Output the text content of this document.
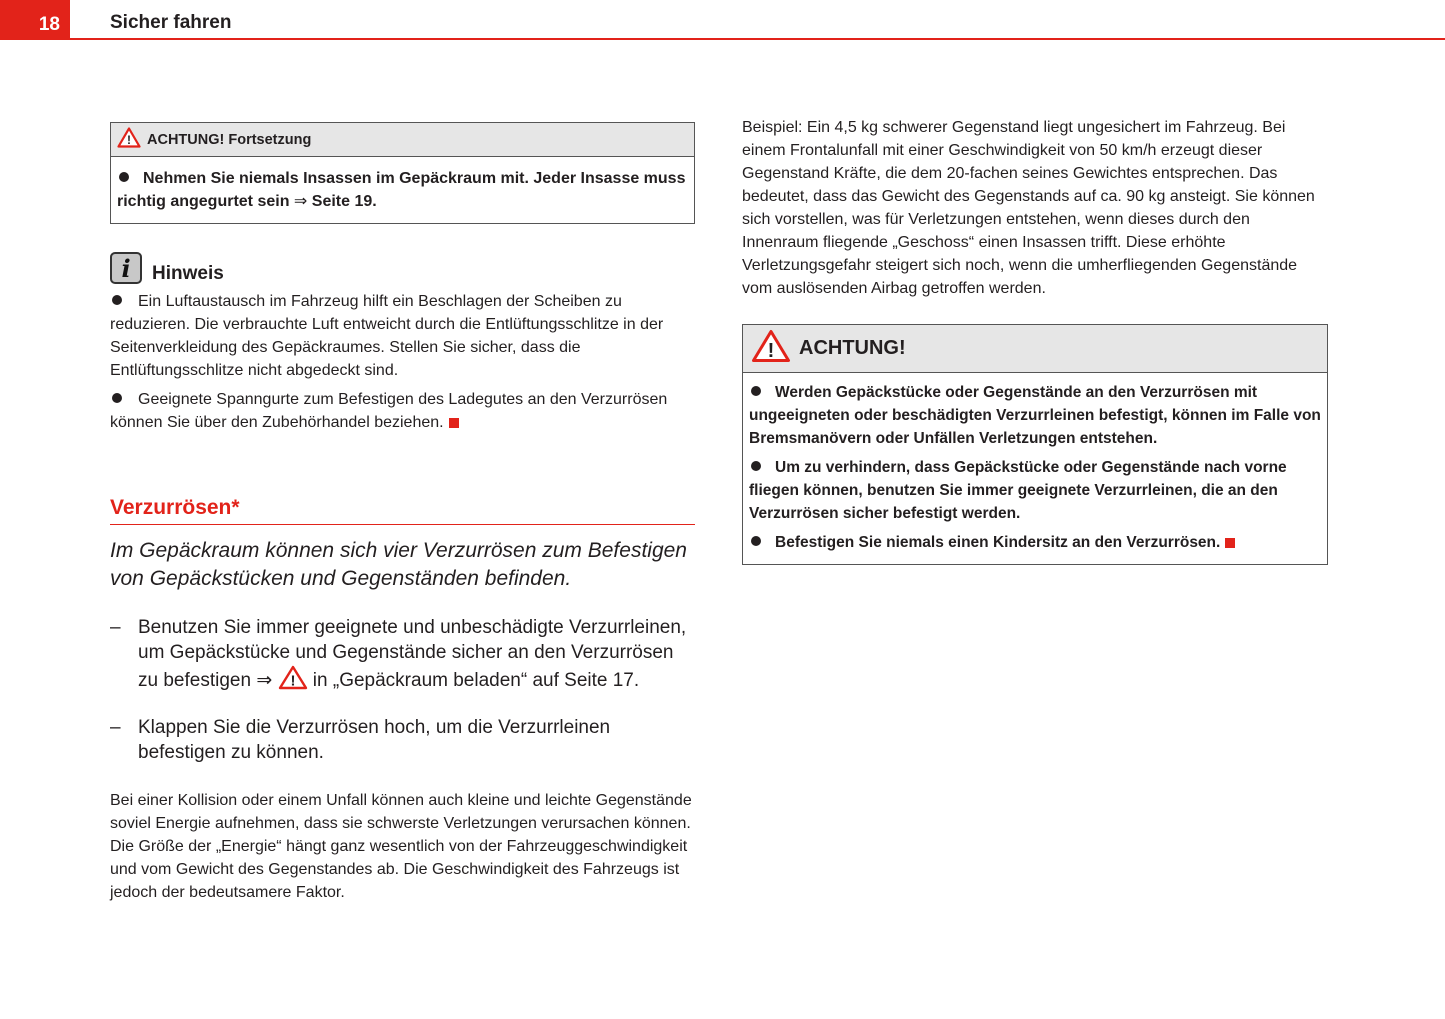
18	Sicher fahren
! ACHTUNG! Fortsetzung
Nehmen Sie niemals Insassen im Gepäckraum mit. Jeder Insasse muss richtig angegurtet sein ⇒ Seite 19.
i	Hinweis

Ein Luftaustausch im Fahrzeug hilft ein Beschlagen der Scheiben zu reduzieren. Die verbrauchte Luft entweicht durch die Entlüftungsschlitze in der Seitenverkleidung des Gepäckraumes. Stellen Sie sicher, dass die Entlüftungsschlitze nicht abgedeckt sind.

Geeignete Spanngurte zum Befestigen des Ladegutes an den Verzurrösen können Sie über den Zubehörhandel beziehen.

Verzurrösen*
Im Gepäckraum können sich vier Verzurrösen zum Befestigen von Gepäckstücken und Gegenständen befinden.
– Benutzen Sie immer geeignete und unbeschädigte Verzurrleinen, um Gepäckstücke und Gegenstände sicher an den Verzurrösen zu befestigen ⇒ ! in „Gepäckraum beladen“ auf Seite 17.
– Klappen Sie die Verzurrösen hoch, um die Verzurrleinen befestigen zu können.
Bei einer Kollision oder einem Unfall können auch kleine und leichte Gegenstände soviel Energie aufnehmen, dass sie schwerste Verletzungen verursachen können. Die Größe der „Energie“ hängt ganz wesentlich von der Fahrzeuggeschwindigkeit und vom Gewicht des Gegenstandes ab. Die Geschwindigkeit des Fahrzeugs ist jedoch der bedeutsamere Faktor.
Beispiel: Ein 4,5 kg schwerer Gegenstand liegt ungesichert im Fahrzeug. Bei einem Frontalunfall mit einer Geschwindigkeit von 50 km/h erzeugt dieser Gegenstand Kräfte, die dem 20-fachen seines Gewichtes entsprechen. Das bedeutet, dass das Gewicht des Gegenstands auf ca. 90 kg ansteigt. Sie können sich vorstellen, was für Verletzungen entstehen, wenn dieses durch den Innenraum fliegende „Geschoss“ einen Insassen trifft. Diese erhöhte Verletzungsgefahr steigert sich noch, wenn die umherfliegenden Gegenstände vom auslösenden Airbag getroffen werden.
! ACHTUNG!
Werden Gepäckstücke oder Gegenstände an den Verzurrösen mit ungeeigneten oder beschädigten Verzurrleinen befestigt, können im Falle von Bremsmanövern oder Unfällen Verletzungen entstehen.
Um zu verhindern, dass Gepäckstücke oder Gegenstände nach vorne fliegen können, benutzen Sie immer geeignete Verzurrleinen, die an den Verzurrösen sicher befestigt werden.
Befestigen Sie niemals einen Kindersitz an den Verzurrösen.
